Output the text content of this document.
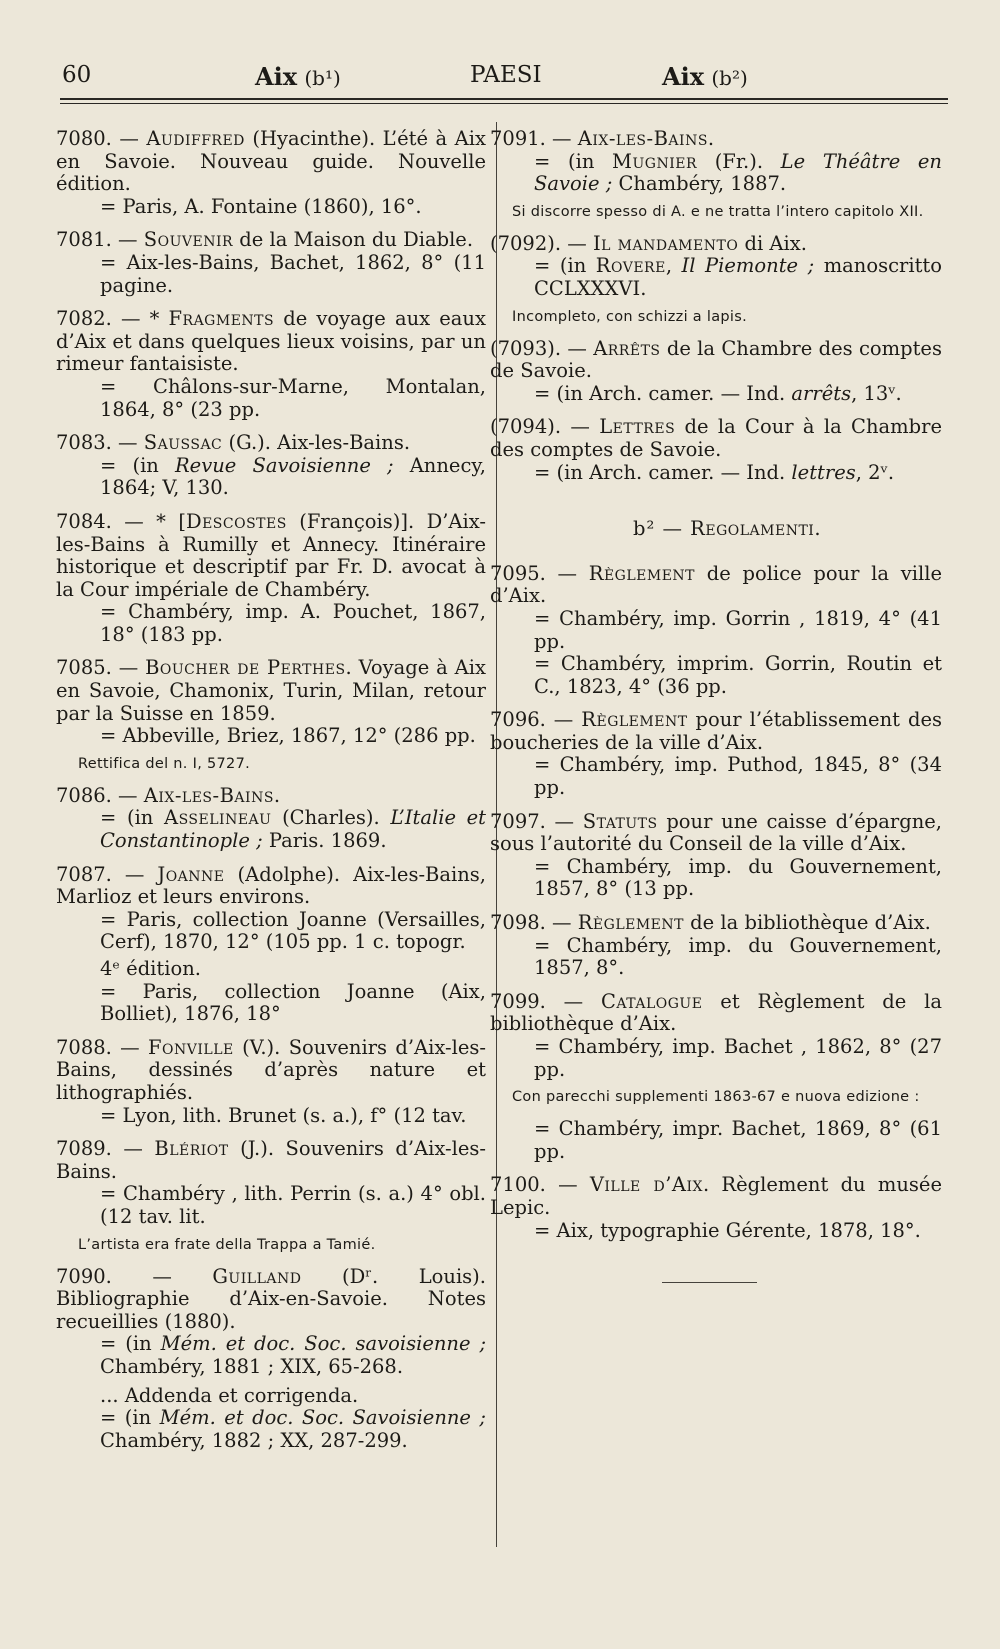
60	Aix (b¹)	PAESI	Aix (b²)
7080. — Audiffred (Hyacinthe). L’été à Aix en Savoie. Nouveau guide. Nouvelle édition.
= Paris, A. Fontaine (1860), 16°.
7081. — Souvenir de la Maison du Diable.
= Aix-les-Bains, Bachet, 1862, 8° (11 pagine.
7082. — * Fragments de voyage aux eaux d’Aix et dans quelques lieux voisins, par un rimeur fantaisiste.
= Châlons-sur-Marne, Montalan, 1864, 8° (23 pp.
7083. — Saussac (G.). Aix-les-Bains.
= (in Revue Savoisienne ; Annecy, 1864; V, 130.
7084. — * [Descostes (François)]. D’Aix-les-Bains à Rumilly et Annecy. Itinéraire historique et descriptif par Fr. D. avocat à la Cour impériale de Chambéry.
= Chambéry, imp. A. Pouchet, 1867, 18° (183 pp.
7085. — Boucher de Perthes. Voyage à Aix en Savoie, Chamonix, Turin, Milan, retour par la Suisse en 1859.
= Abbeville, Briez, 1867, 12° (286 pp.
Rettifica del n. I, 5727.
7086. — Aix-les-Bains.
= (in Asselineau (Charles). L’Italie et Constantinople ; Paris. 1869.
7087. — Joanne (Adolphe). Aix-les-Bains, Marlioz et leurs environs.
= Paris, collection Joanne (Versailles, Cerf), 1870, 12° (105 pp. 1 c. topogr.
4ᵉ édition.
= Paris, collection Joanne (Aix, Bolliet), 1876, 18°
7088. — Fonville (V.). Souvenirs d’Aix-les-Bains, dessinés d’après nature et lithographiés.
= Lyon, lith. Brunet (s. a.), f° (12 tav.
7089. — Blériot (J.). Souvenirs d’Aix-les-Bains.
= Chambéry , lith. Perrin (s. a.) 4° obl. (12 tav. lit.
L’artista era frate della Trappa a Tamié.
7090. — Guilland (Dʳ. Louis). Bibliographie d’Aix-en-Savoie. Notes recueillies (1880).
= (in Mém. et doc. Soc. savoisienne ; Chambéry, 1881 ; XIX, 65-268.
... Addenda et corrigenda.
= (in Mém. et doc. Soc. Savoisienne ; Chambéry, 1882 ; XX, 287-299.
7091. — Aix-les-Bains.
= (in Mugnier (Fr.). Le Théâtre en Savoie ; Chambéry, 1887.
Si discorre spesso di A. e ne tratta l’intero capitolo XII.
(7092). — Il mandamento di Aix.
= (in Rovere, Il Piemonte ; manoscritto CCLXXXVI.
Incompleto, con schizzi a lapis.
(7093). — Arrêts de la Chambre des comptes de Savoie.
= (in Arch. camer. — Ind. arrêts, 13ᵛ.
(7094). — Lettres de la Cour à la Chambre des comptes de Savoie.
= (in Arch. camer. — Ind. lettres, 2ᵛ.
b² — Regolamenti.
7095. — Règlement de police pour la ville d’Aix.
= Chambéry, imp. Gorrin , 1819, 4° (41 pp.
= Chambéry, imprim. Gorrin, Routin et C., 1823, 4° (36 pp.
7096. — Règlement pour l’établissement des boucheries de la ville d’Aix.
= Chambéry, imp. Puthod, 1845, 8° (34 pp.
7097. — Statuts pour une caisse d’épargne, sous l’autorité du Conseil de la ville d’Aix.
= Chambéry, imp. du Gouvernement, 1857, 8° (13 pp.
7098. — Règlement de la bibliothèque d’Aix.
= Chambéry, imp. du Gouvernement, 1857, 8°.
7099. — Catalogue et Règlement de la bibliothèque d’Aix.
= Chambéry, imp. Bachet , 1862, 8° (27 pp.
Con parecchi supplementi 1863-67 e nuova edizione :
= Chambéry, impr. Bachet, 1869, 8° (61 pp.
7100. — Ville d’Aix. Règlement du musée Lepic.
= Aix, typographie Gérente, 1878, 18°.
